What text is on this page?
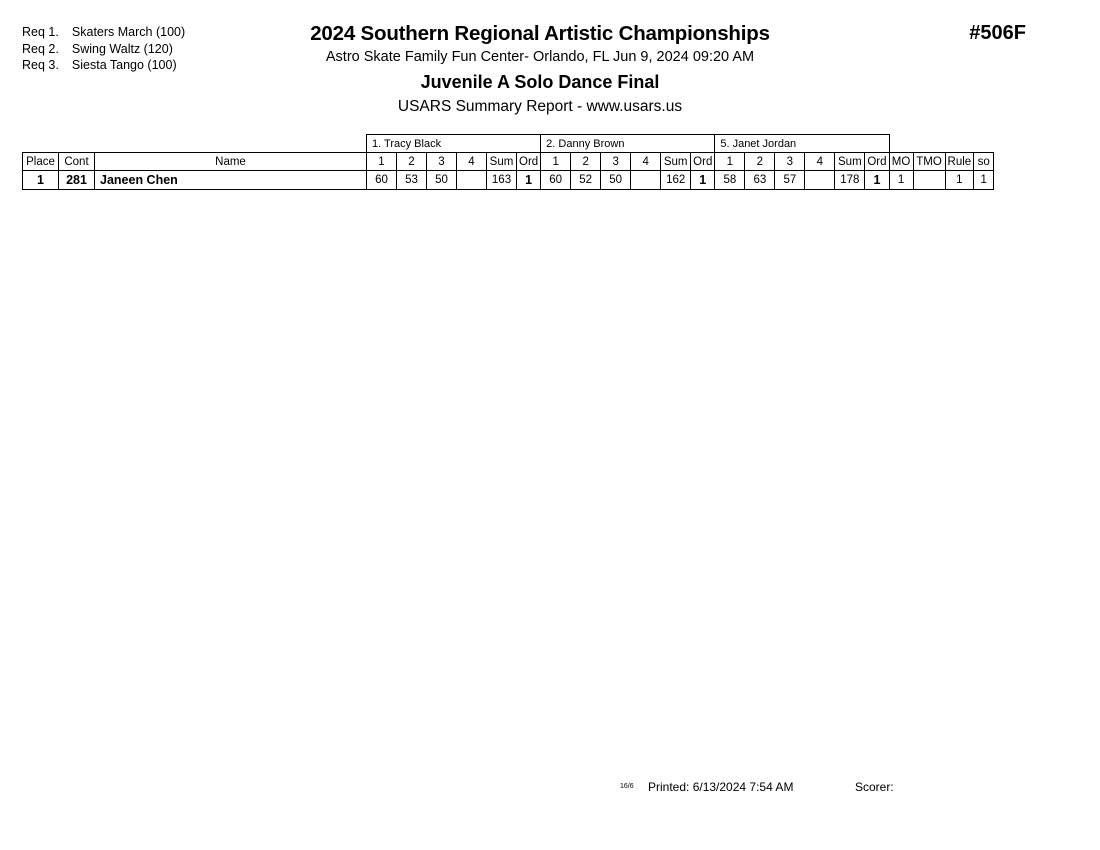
Req 1. Skaters March (100)
Req 2. Swing Waltz (120)
Req 3. Siesta Tango (100)
2024 Southern Regional Artistic Championships
Astro Skate Family Fun Center- Orlando, FL Jun 9, 2024 09:20 AM
Juvenile A Solo Dance Final
USARS Summary Report - www.usars.us
#506F
			1. Tracy Black						2. Danny Brown						5. Janet Jordan									
Place	Cont	Name	1	2	3	4	Sum	Ord	1	2	3	4	Sum	Ord	1	2	3	4	Sum	Ord	MO	TMO	Rule	so
1	281	Janeen Chen	60	53	50		163	1	60	52	50		162	1	58	63	57		178	1	1		1	1
16/6 Printed: 6/13/2024 7:54 AM	Scorer:
